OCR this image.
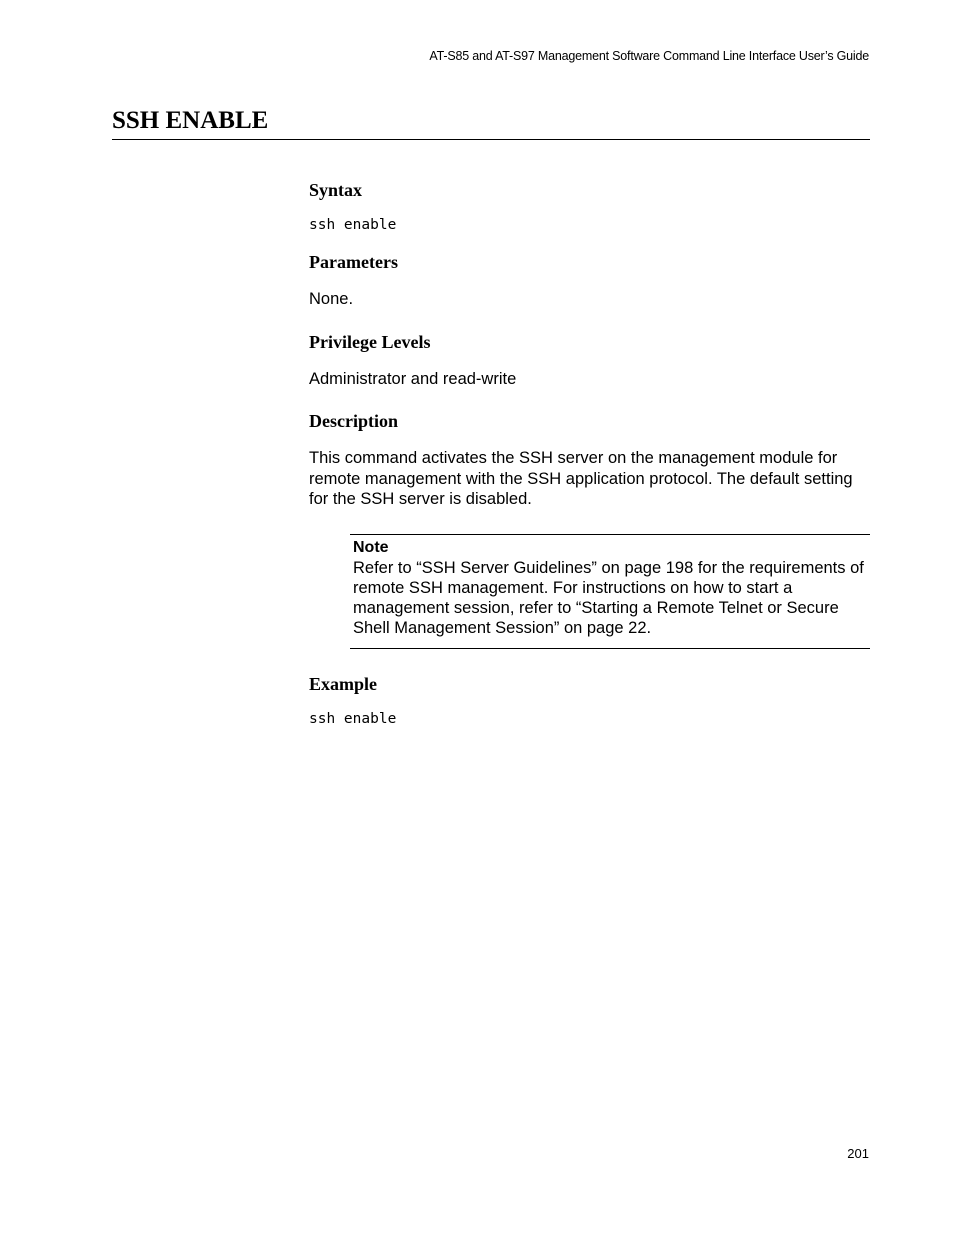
AT-S85 and AT-S97 Management Software Command Line Interface User’s Guide
SSH ENABLE
Syntax

ssh enable

Parameters

None.

Privilege Levels

Administrator and read-write

Description

This command activates the SSH server on the management module for remote management with the SSH application protocol. The default setting for the SSH server is disabled.

Note

Refer to “SSH Server Guidelines” on page 198 for the requirements of remote SSH management. For instructions on how to start a management session, refer to “Starting a Remote Telnet or Secure Shell Management Session” on page 22.

Example

ssh enable

201
